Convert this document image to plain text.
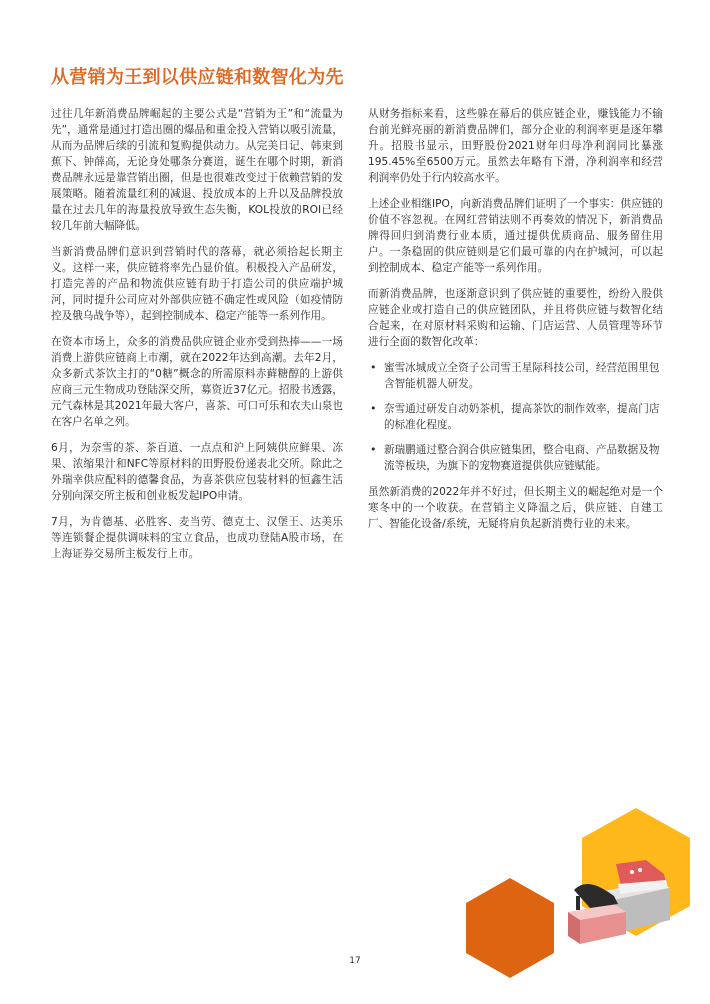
从营销为王到以供应链和数智化为先

过往几年新消费品牌崛起的主要公式是“营销为王”和“流量为先”，通常是通过打造出圈的爆品和重金投入营销以吸引流量，从而为品牌后续的引流和复购提供动力。从完美日记、韩束到蕉下、钟薛高，无论身处哪条分赛道，诞生在哪个时期，新消费品牌永远是靠营销出圈，但是也很难改变过于依赖营销的发展策略。随着流量红利的减退、投放成本的上升以及品牌投放量在过去几年的海量投放导致生态失衡，KOL投放的ROI已经较几年前大幅降低。

当新消费品牌们意识到营销时代的落幕，就必须拾起长期主义。这样一来，供应链将率先凸显价值。积极投入产品研发，打造完善的产品和物流供应链有助于打造公司的供应端护城河，同时提升公司应对外部供应链不确定性或风险（如疫情防控及俄乌战争等），起到控制成本、稳定产能等一系列作用。

在资本市场上，众多的消费品供应链企业亦受到热捧——一场消费上游供应链商上市潮，就在2022年达到高潮。去年2月，众多新式茶饮主打的“0糖”概念的所需原料赤藓糖醇的上游供应商三元生物成功登陆深交所，募资近37亿元。招股书透露，元气森林是其2021年最大客户，喜茶、可口可乐和农夫山泉也在客户名单之列。

6月，为奈雪的茶、茶百道、一点点和沪上阿姨供应鲜果、冻果、浓缩果汁和NFC等原材料的田野股份递表北交所。除此之外瑞幸供应配料的德馨食品，为喜茶供应包装材料的恒鑫生活分别向深交所主板和创业板发起IPO申请。

7月，为肯德基、必胜客、麦当劳、德克士、汉堡王、达美乐等连锁餐企提供调味料的宝立食品，也成功登陆A股市场，在上海证券交易所主板发行上市。

从财务指标来看，这些躲在幕后的供应链企业，赚钱能力不输台前光鲜亮丽的新消费品牌们，部分企业的利润率更是逐年攀升。招股书显示，田野股份2021财年归母净利润同比暴涨195.45%至6500万元。虽然去年略有下滑，净利润率和经营利润率仍处于行内较高水平。

上述企业相继IPO，向新消费品牌们证明了一个事实：供应链的价值不容忽视。在网红营销法则不再奏效的情况下，新消费品牌得回归到消费行业本质，通过提供优质商品、服务留住用户。一条稳固的供应链则是它们最可靠的内在护城河，可以起到控制成本、稳定产能等一系列作用。

而新消费品牌，也逐渐意识到了供应链的重要性，纷纷入股供应链企业或打造自己的供应链团队，并且将供应链与数智化结合起来，在对原材料采购和运输、门店运营、人员管理等环节进行全面的数智化改革：

• 蜜雪冰城成立全资子公司雪王星际科技公司，经营范围里包含智能机器人研发。
• 奈雪通过研发自动奶茶机，提高茶饮的制作效率，提高门店的标准化程度。
• 新瑞鹏通过整合润合供应链集团，整合电商、产品数据及物流等板块，为旗下的宠物赛道提供供应链赋能。

虽然新消费的2022年并不好过，但长期主义的崛起绝对是一个寒冬中的一个收获。在营销主义降温之后，供应链、自建工厂、智能化设备/系统，无疑将肩负起新消费行业的未来。

17
